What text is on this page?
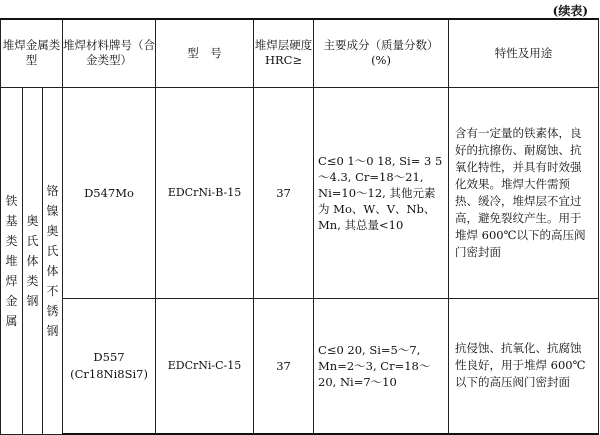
(续表)
堆焊金属类型			堆焊材料牌号（合金类型）	型　号	堆焊层硬度HRC≥	主要成分（质量分数）(%)	特性及用途

铁基类堆焊金属	奥氏体类钢	铬镍奥氏体不锈钢	D547Mo	EDCrNi-B-15	37	C≤0 1～0 18, Si= 3 5～4.3, Cr=18～21, Ni=10～12, 其他元素为 Mo、W、V、Nb、Mn, 其总量<10	含有一定量的铁素体，良好的抗擦伤、耐腐蚀、抗氧化特性，并具有时效强化效果。堆焊大件需预热、缓冷，堆焊层不宜过高，避免裂纹产生。用于堆焊 600℃以下的高压阀门密封面
			D557
(Cr18Ni8Si7)	EDCrNi-C-15	37	C≤0 20, Si=5～7, Mn=2～3, Cr=18～20, Ni=7～10	抗侵蚀、抗氧化、抗腐蚀性良好，用于堆焊 600℃以下的高压阀门密封面
